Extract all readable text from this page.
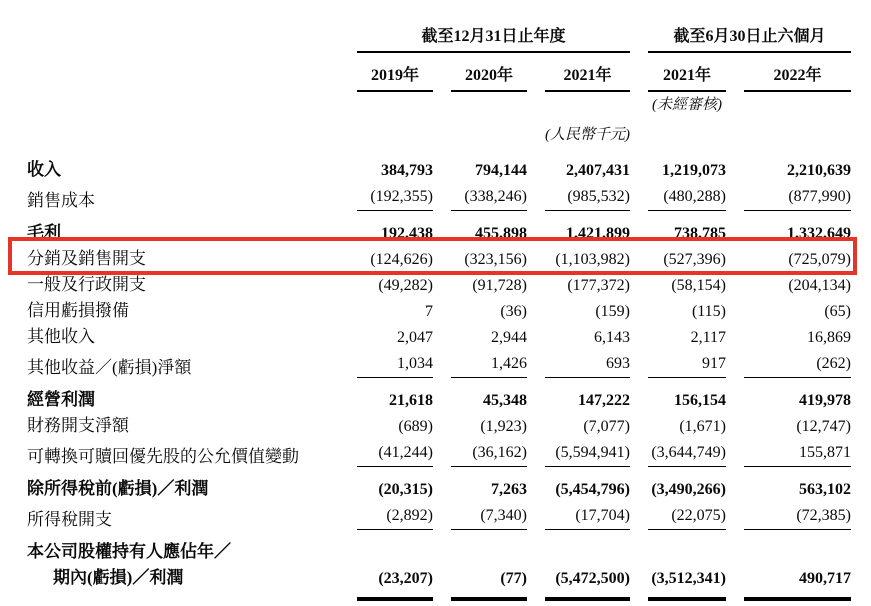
	截至12月31日止年度			截至6月30日止六個月	
	2019年	2020年	2021年	2021年	2022年
				(未經審核)	
			(人民幣千元)		
收入	384,793	794,144	2,407,431	1,219,073	2,210,639
銷售成本	(192,355)	(338,246)	(985,532)	(480,288)	(877,990)
毛利	192,438	455,898	1,421,899	738,785	1,332,649
分銷及銷售開支	(124,626)	(323,156)	(1,103,982)	(527,396)	(725,079)
一般及行政開支	(49,282)	(91,728)	(177,372)	(58,154)	(204,134)
信用虧損撥備	7	(36)	(159)	(115)	(65)
其他收入	2,047	2,944	6,143	2,117	16,869
其他收益／(虧損)淨額	1,034	1,426	693	917	(262)
經營利潤	21,618	45,348	147,222	156,154	419,978
財務開支淨額	(689)	(1,923)	(7,077)	(1,671)	(12,747)
可轉換可贖回優先股的公允價值變動	(41,244)	(36,162)	(5,594,941)	(3,644,749)	155,871
除所得稅前(虧損)／利潤	(20,315)	7,263	(5,454,796)	(3,490,266)	563,102
所得稅開支	(2,892)	(7,340)	(17,704)	(22,075)	(72,385)
本公司股權持有人應佔年／					
期內(虧損)／利潤	(23,207)	(77)	(5,472,500)	(3,512,341)	490,717
